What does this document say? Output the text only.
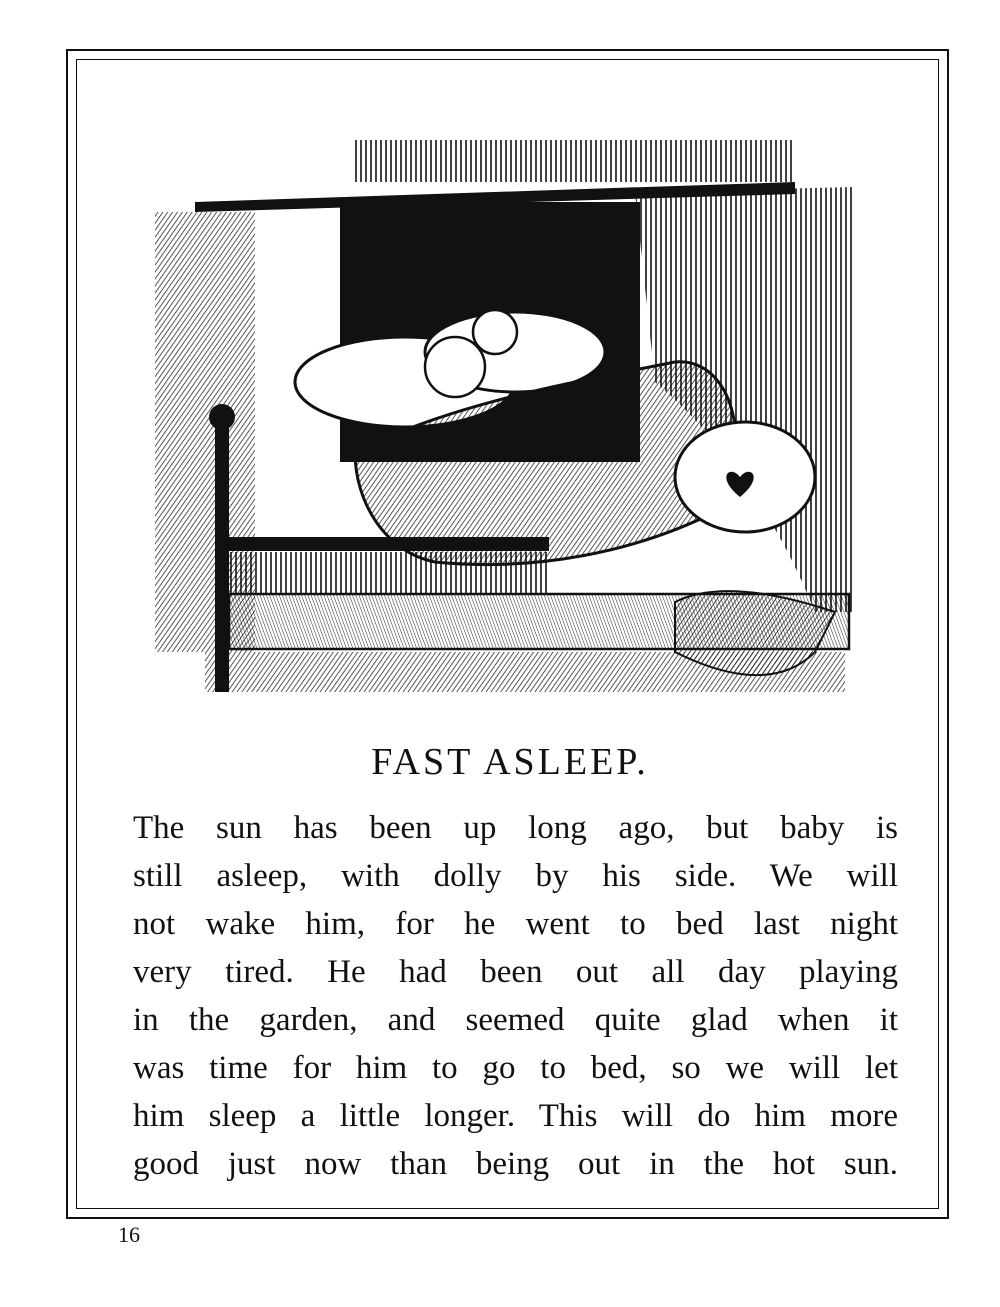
FAST ASLEEP.
The sun has been up long ago, but baby is
still asleep, with dolly by his side. We will
not wake him, for he went to bed last night
very tired. He had been out all day playing
in the garden, and seemed quite glad when it
was time for him to go to bed, so we will let
him sleep a little longer. This will do him more
good just now than being out in the hot sun.
16
